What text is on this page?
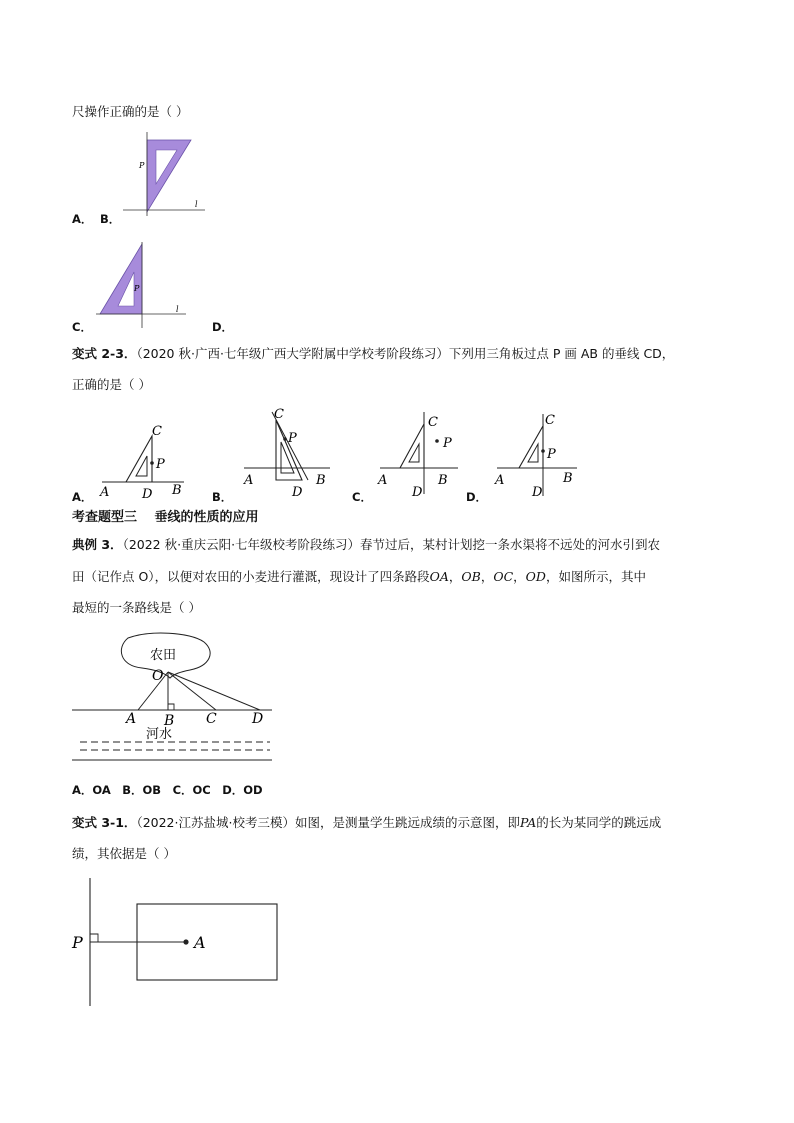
尺操作正确的是（ ）
P
l
A． B．
P
l
C．	D．
变式 2-3．（2020 秋·广西·七年级广西大学附属中学校考阶段练习）下列用三角板过点 P 画 AB 的垂线 CD，
正确的是（ ）
C
P
A	D B
A．
C
P
A
D
B
B．
C
P
A
D
B
C．
C
P
A
D
B
D．
考查题型三　 垂线的性质的应用
典例 3．（2022 秋·重庆云阳·七年级校考阶段练习）春节过后，某村计划挖一条水渠将不远处的河水引到农
田（记作点 O），以便对农田的小麦进行灌溉，现设计了四条路段OA，OB，OC，OD，如图所示，其中
最短的一条路线是（ ）
农田
O
A B C	D
河水
A．OA　B．OB　C．OC　D．OD
变式 3-1．（2022·江苏盐城·校考三模）如图，是测量学生跳远成绩的示意图，即PA的长为某同学的跳远成
绩，其依据是（ ）
P	A
